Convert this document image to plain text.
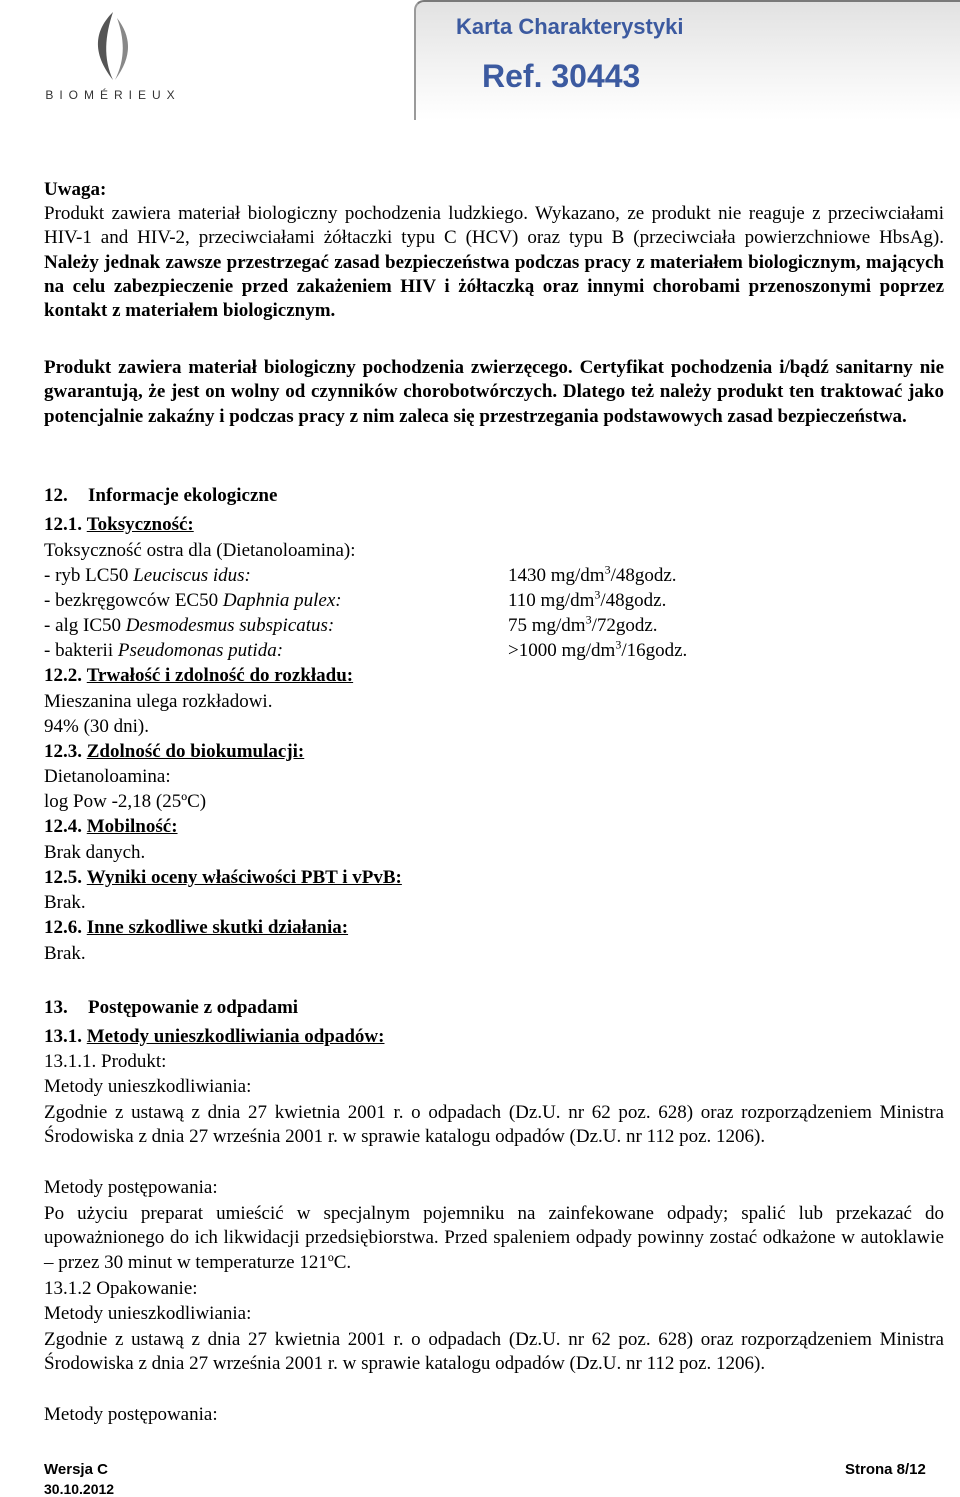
BIOMÉRIEUX
Karta Charakterystyki
Ref. 30443
Uwaga:
Produkt zawiera materiał biologiczny pochodzenia ludzkiego. Wykazano, ze produkt nie reaguje z przeciwciałami HIV-1 and HIV-2, przeciwciałami żółtaczki typu C (HCV) oraz typu B (przeciwciała powierzchniowe HbsAg). Należy jednak zawsze przestrzegać zasad bezpieczeństwa podczas pracy z materiałem biologicznym, mających na celu zabezpieczenie przed zakażeniem HIV i żółtaczką oraz innymi chorobami przenoszonymi poprzez kontakt z materiałem biologicznym.
Produkt zawiera materiał biologiczny pochodzenia zwierzęcego. Certyfikat pochodzenia i/bądź sanitarny nie gwarantują, że jest on wolny od czynników chorobotwórczych. Dlatego też należy produkt ten traktować jako potencjalnie zakaźny i podczas pracy z nim zaleca się przestrzegania podstawowych zasad bezpieczeństwa.
12. Informacje ekologiczne
12.1. Toksyczność:
Toksyczność ostra dla (Dietanoloamina):
- ryb LC50 Leuciscus idus:	1430 $mg/dm^3/48godz$.
- bezkręgowców EC50 Daphnia pulex:	110 $mg/dm^3/48godz$.
- alg IC50 Desmodesmus subspicatus:	75 $mg/dm^3/72godz$.
- bakterii Pseudomonas putida:	>1000 $mg/dm^3/16godz$.
12.2. Trwałość i zdolność do rozkładu:
Mieszanina ulega rozkładowi.
94% (30 dni).
12.3. Zdolność do biokumulacji:
Dietanoloamina:
log Pow -2,18 (25ºC)
12.4. Mobilność:
Brak danych.
12.5. Wyniki oceny właściwości PBT i vPvB:
Brak.
12.6. Inne szkodliwe skutki działania:
Brak.
13. Postępowanie z odpadami
13.1. Metody unieszkodliwiania odpadów:
13.1.1. Produkt:
Metody unieszkodliwiania:
Zgodnie z ustawą z dnia 27 kwietnia 2001 r. o odpadach (Dz.U. nr 62 poz. 628) oraz rozporządzeniem Ministra Środowiska z dnia 27 września 2001 r. w sprawie katalogu odpadów (Dz.U. nr 112 poz. 1206).
Metody postępowania:
Po użyciu preparat umieścić w specjalnym pojemniku na zainfekowane odpady; spalić lub przekazać do upoważnionego do ich likwidacji przedsiębiorstwa. Przed spaleniem odpady powinny zostać odkażone w autoklawie – przez 30 minut w temperaturze 121ºC.
13.1.2 Opakowanie:
Metody unieszkodliwiania:
Zgodnie z ustawą z dnia 27 kwietnia 2001 r. o odpadach (Dz.U. nr 62 poz. 628) oraz rozporządzeniem Ministra Środowiska z dnia 27 września 2001 r. w sprawie katalogu odpadów (Dz.U. nr 112 poz. 1206).
Metody postępowania:
Wersja C
30.10.2012
Strona 8/12
